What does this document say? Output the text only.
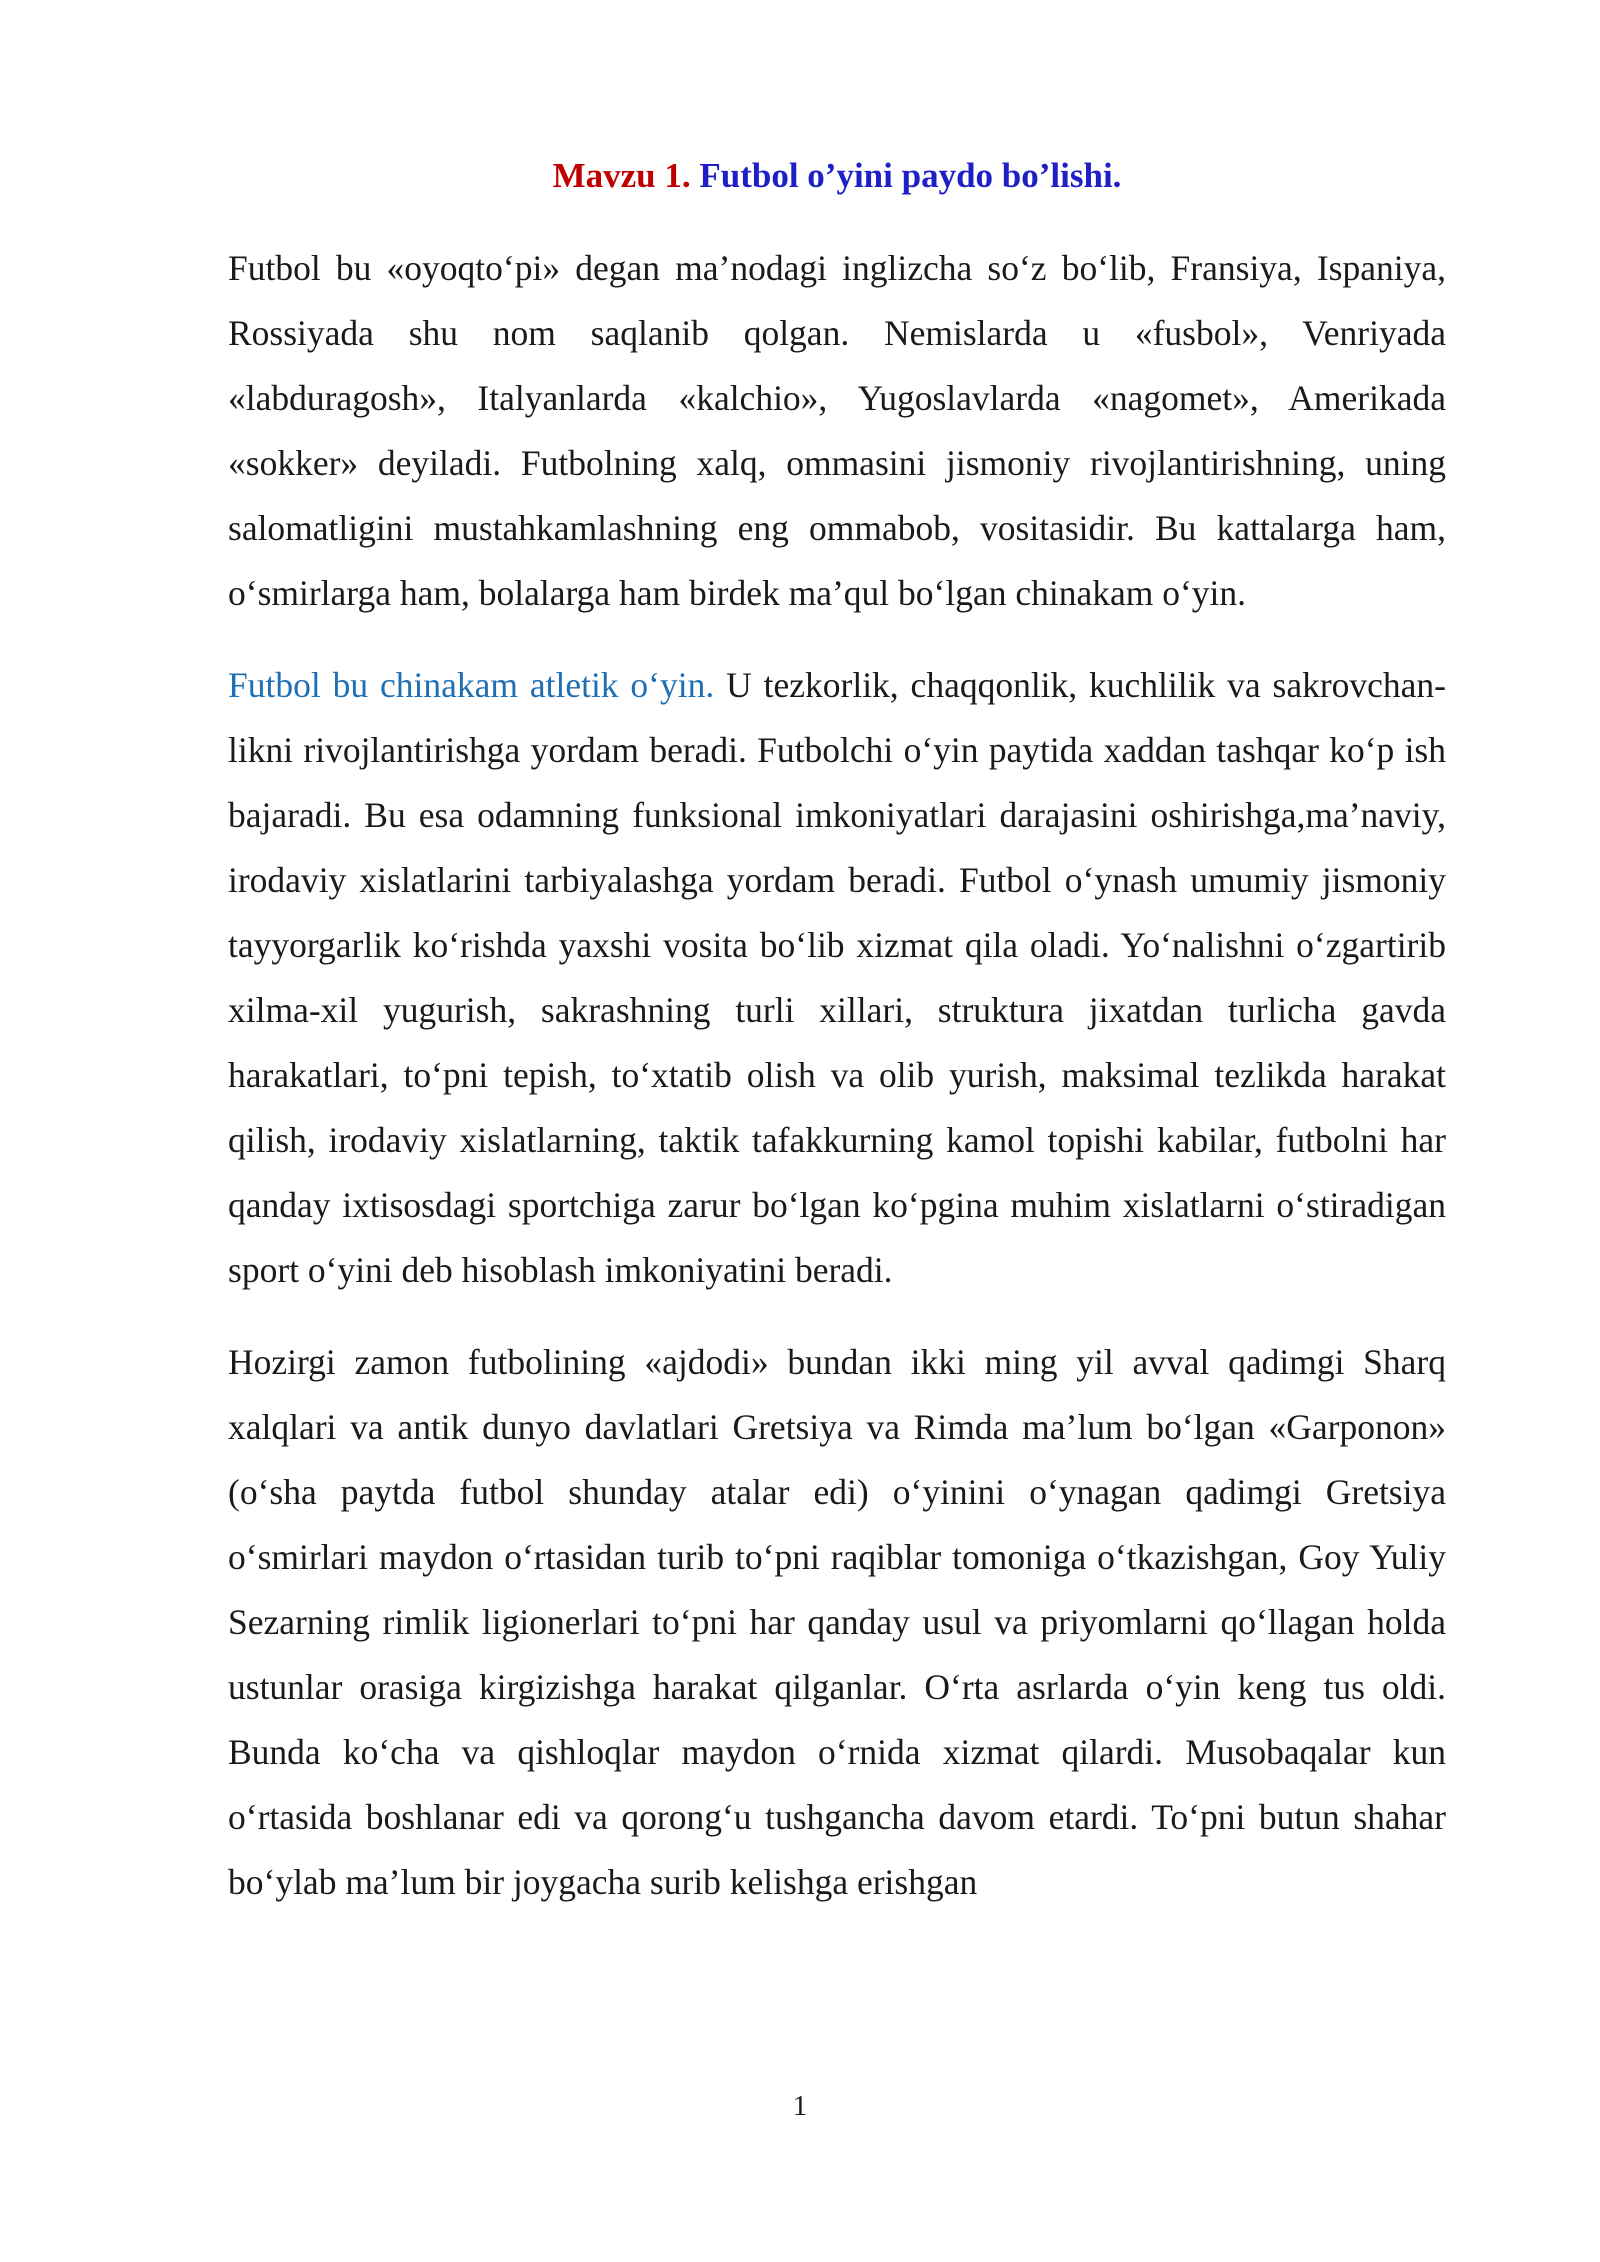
Mavzu 1. Futbol o’yini paydo bo’lishi.

Futbol bu «oyoqto‘pi» degan ma’nodagi inglizcha so‘z bo‘lib, Fransiya, Ispaniya, Rossiyada shu nom saqlanib qolgan. Nemislarda u «fusbol», Venriyada «labduragosh», Italyanlarda «kalchio», Yugoslavlarda «nagomet», Amerikada «sokker» deyiladi. Futbolning xalq, ommasini jismoniy rivojlantirishning, uning salomatligini mustahkamlashning eng ommabob, vositasidir. Bu kattalarga ham, o‘smirlarga ham, bolalarga ham birdek ma’qul bo‘lgan chinakam o‘yin.

Futbol bu chinakam atletik o‘yin. U tezkorlik, chaqqonlik, kuchlilik va sakrovchan-likni rivojlantirishga yordam beradi. Futbolchi o‘yin paytida xaddan tashqar ko‘p ish bajaradi. Bu esa odamning funksional imkoniyatlari darajasini oshirishga,ma’naviy, irodaviy xislatlarini tarbiyalashga yordam beradi. Futbol o‘ynash umumiy jismoniy tayyorgarlik ko‘rishda yaxshi vosita bo‘lib xizmat qila oladi. Yo‘nalishni o‘zgartirib xilma-xil yugurish, sakrashning turli xillari, struktura jixatdan turlicha gavda harakatlari, to‘pni tepish, to‘xtatib olish va olib yurish, maksimal tezlikda harakat qilish, irodaviy xislatlarning, taktik tafakkurning kamol topishi kabilar, futbolni har qanday ixtisosdagi sportchiga zarur bo‘lgan ko‘pgina muhim xislatlarni o‘stiradigan sport o‘yini deb hisoblash imkoniyatini beradi.

Hozirgi zamon futbolining «ajdodi» bundan ikki ming yil avval qadimgi Sharq xalqlari va antik dunyo davlatlari Gretsiya va Rimda ma’lum bo‘lgan «Garponon» (o‘sha paytda futbol shunday atalar edi) o‘yinini o‘ynagan qadimgi Gretsiya o‘smirlari maydon o‘rtasidan turib to‘pni raqiblar tomoniga o‘tkazishgan, Goy Yuliy Sezarning rimlik ligionerlari to‘pni har qanday usul va priyomlarni qo‘llagan holda ustunlar orasiga kirgizishga harakat qilganlar. O‘rta asrlarda o‘yin keng tus oldi. Bunda ko‘cha va qishloqlar maydon o‘rnida xizmat qilardi. Musobaqalar kun o‘rtasida boshlanar edi va qorong‘u tushgancha davom etardi. To‘pni butun shahar bo‘ylab ma’lum bir joygacha surib kelishga erishgan

1
